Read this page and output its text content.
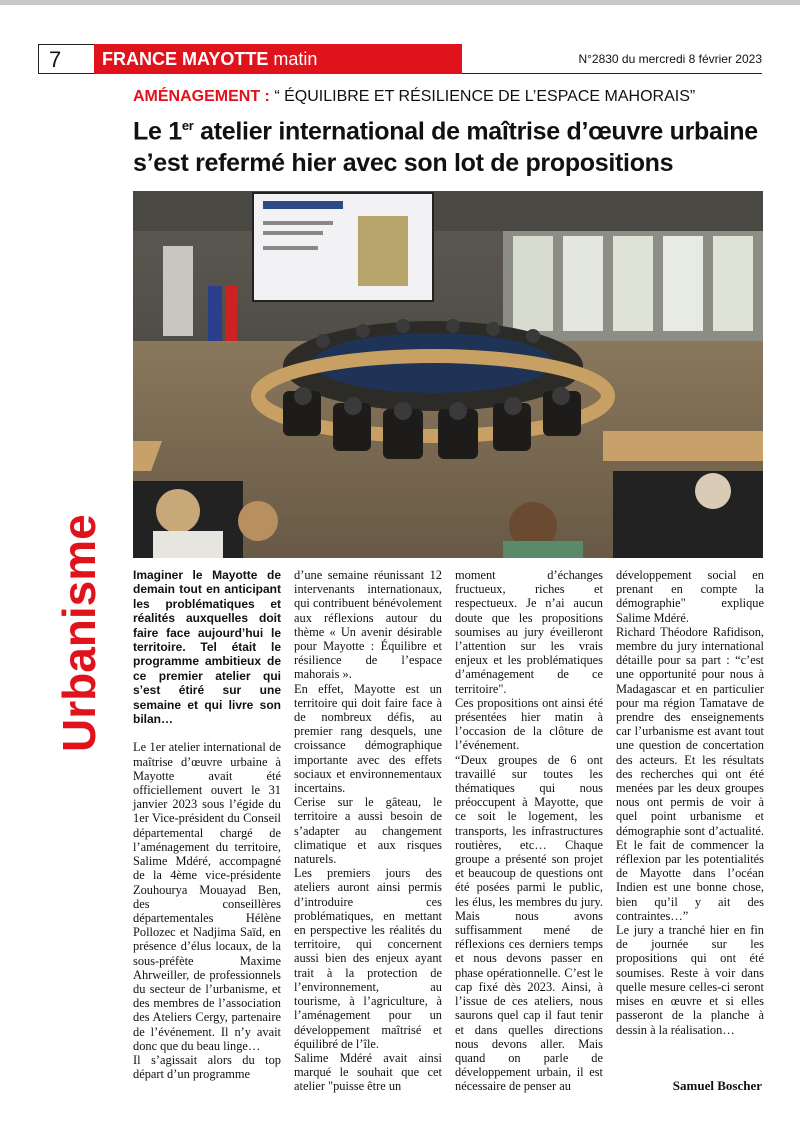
7	FRANCE MAYOTTE matin	N°2830 du mercredi 8 février 2023
AMÉNAGEMENT : “ ÉQUILIBRE ET RÉSILIENCE DE L’ESPACE MAHORAIS”
Le 1er atelier international de maîtrise d’œuvre urbaine s’est refermé hier avec son lot de propositions
Urbanisme	Imaginer le Mayotte de demain tout en anticipant les problématiques et réalités auxquelles doit faire face aujourd’hui le territoire. Tel était le programme ambitieux de ce premier atelier qui s’est étiré sur une semaine et qui livre son bilan…

Le 1er atelier international de maîtrise d’œuvre urbaine à Mayotte avait été officiellement ouvert le 31 janvier 2023 sous l’égide du 1er Vice-président du Conseil départemental chargé de l’aménagement du territoire, Salime Mdéré, accompagné de la 4ème vice-présidente Zouhourya Mouayad Ben, des conseillères départementales Hélène Pollozec et Nadjima Saïd, en présence d’élus locaux, de la sous-préfète Maxime Ahrweiller, de professionnels du secteur de l’urbanisme, et des membres de l’association des Ateliers Cergy, partenaire de l’événement. Il n’y avait donc que du beau linge…

Il s’agissait alors du top départ d’un programme

d’une semaine réunissant 12 intervenants internationaux, qui contribuent bénévolement aux réflexions autour du thème « Un avenir désirable pour Mayotte : Équilibre et résilience de l’espace mahorais ».

En effet, Mayotte est un territoire qui doit faire face à de nombreux défis, au premier rang desquels, une croissance démographique importante avec des effets sociaux et environnementaux incertains.

Cerise sur le gâteau, le territoire a aussi besoin de s’adapter au changement climatique et aux risques naturels.

Les premiers jours des ateliers auront ainsi permis d’introduire ces problématiques, en mettant en perspective les réalités du territoire, qui concernent aussi bien des enjeux ayant trait à la protection de l’environnement, au tourisme, à l’agriculture, à l’aménagement pour un développement maîtrisé et équilibré de l’île.

Salime Mdéré avait ainsi marqué le souhait que cet atelier "puisse être un

moment d’échanges fructueux, riches et respectueux. Je n’ai aucun doute que les propositions soumises au jury éveilleront l’attention sur les vrais enjeux et les problématiques d’aménagement de ce territoire".

Ces propositions ont ainsi été présentées hier matin à l’occasion de la clôture de l’événement.

“Deux groupes de 6 ont travaillé sur toutes les thématiques qui nous préoccupent à Mayotte, que ce soit le logement, les transports, les infrastructures routières, etc… Chaque groupe a présenté son projet et beaucoup de questions ont été posées parmi le public, les élus, les membres du jury. Mais nous avons suffisamment mené de réflexions ces derniers temps et nous devons passer en phase opérationnelle. C’est le cap fixé dès 2023. Ainsi, à l’issue de ces ateliers, nous saurons quel cap il faut tenir et dans quelles directions nous devons aller. Mais quand on parle de développement urbain, il est nécessaire de penser au

développement social en prenant en compte la démographie" explique Salime Mdéré.

Richard Théodore Rafidison, membre du jury international détaille pour sa part : “c’est une opportunité pour nous à Madagascar et en particulier pour ma région Tamatave de prendre des enseignements car l’urbanisme est avant tout une question de concertation des acteurs. Et les résultats des recherches qui ont été menées par les deux groupes nous ont permis de voir à quel point urbanisme et démographie sont d’actualité. Et le fait de commencer la réflexion par les potentialités de Mayotte dans l’océan Indien est une bonne chose, bien qu’il y ait des contraintes…”

Le jury a tranché hier en fin de journée sur les propositions qui ont été soumises. Reste à voir dans quelle mesure celles-ci seront mises en œuvre et si elles passeront de la planche à dessin à la réalisation…

Samuel Boscher
